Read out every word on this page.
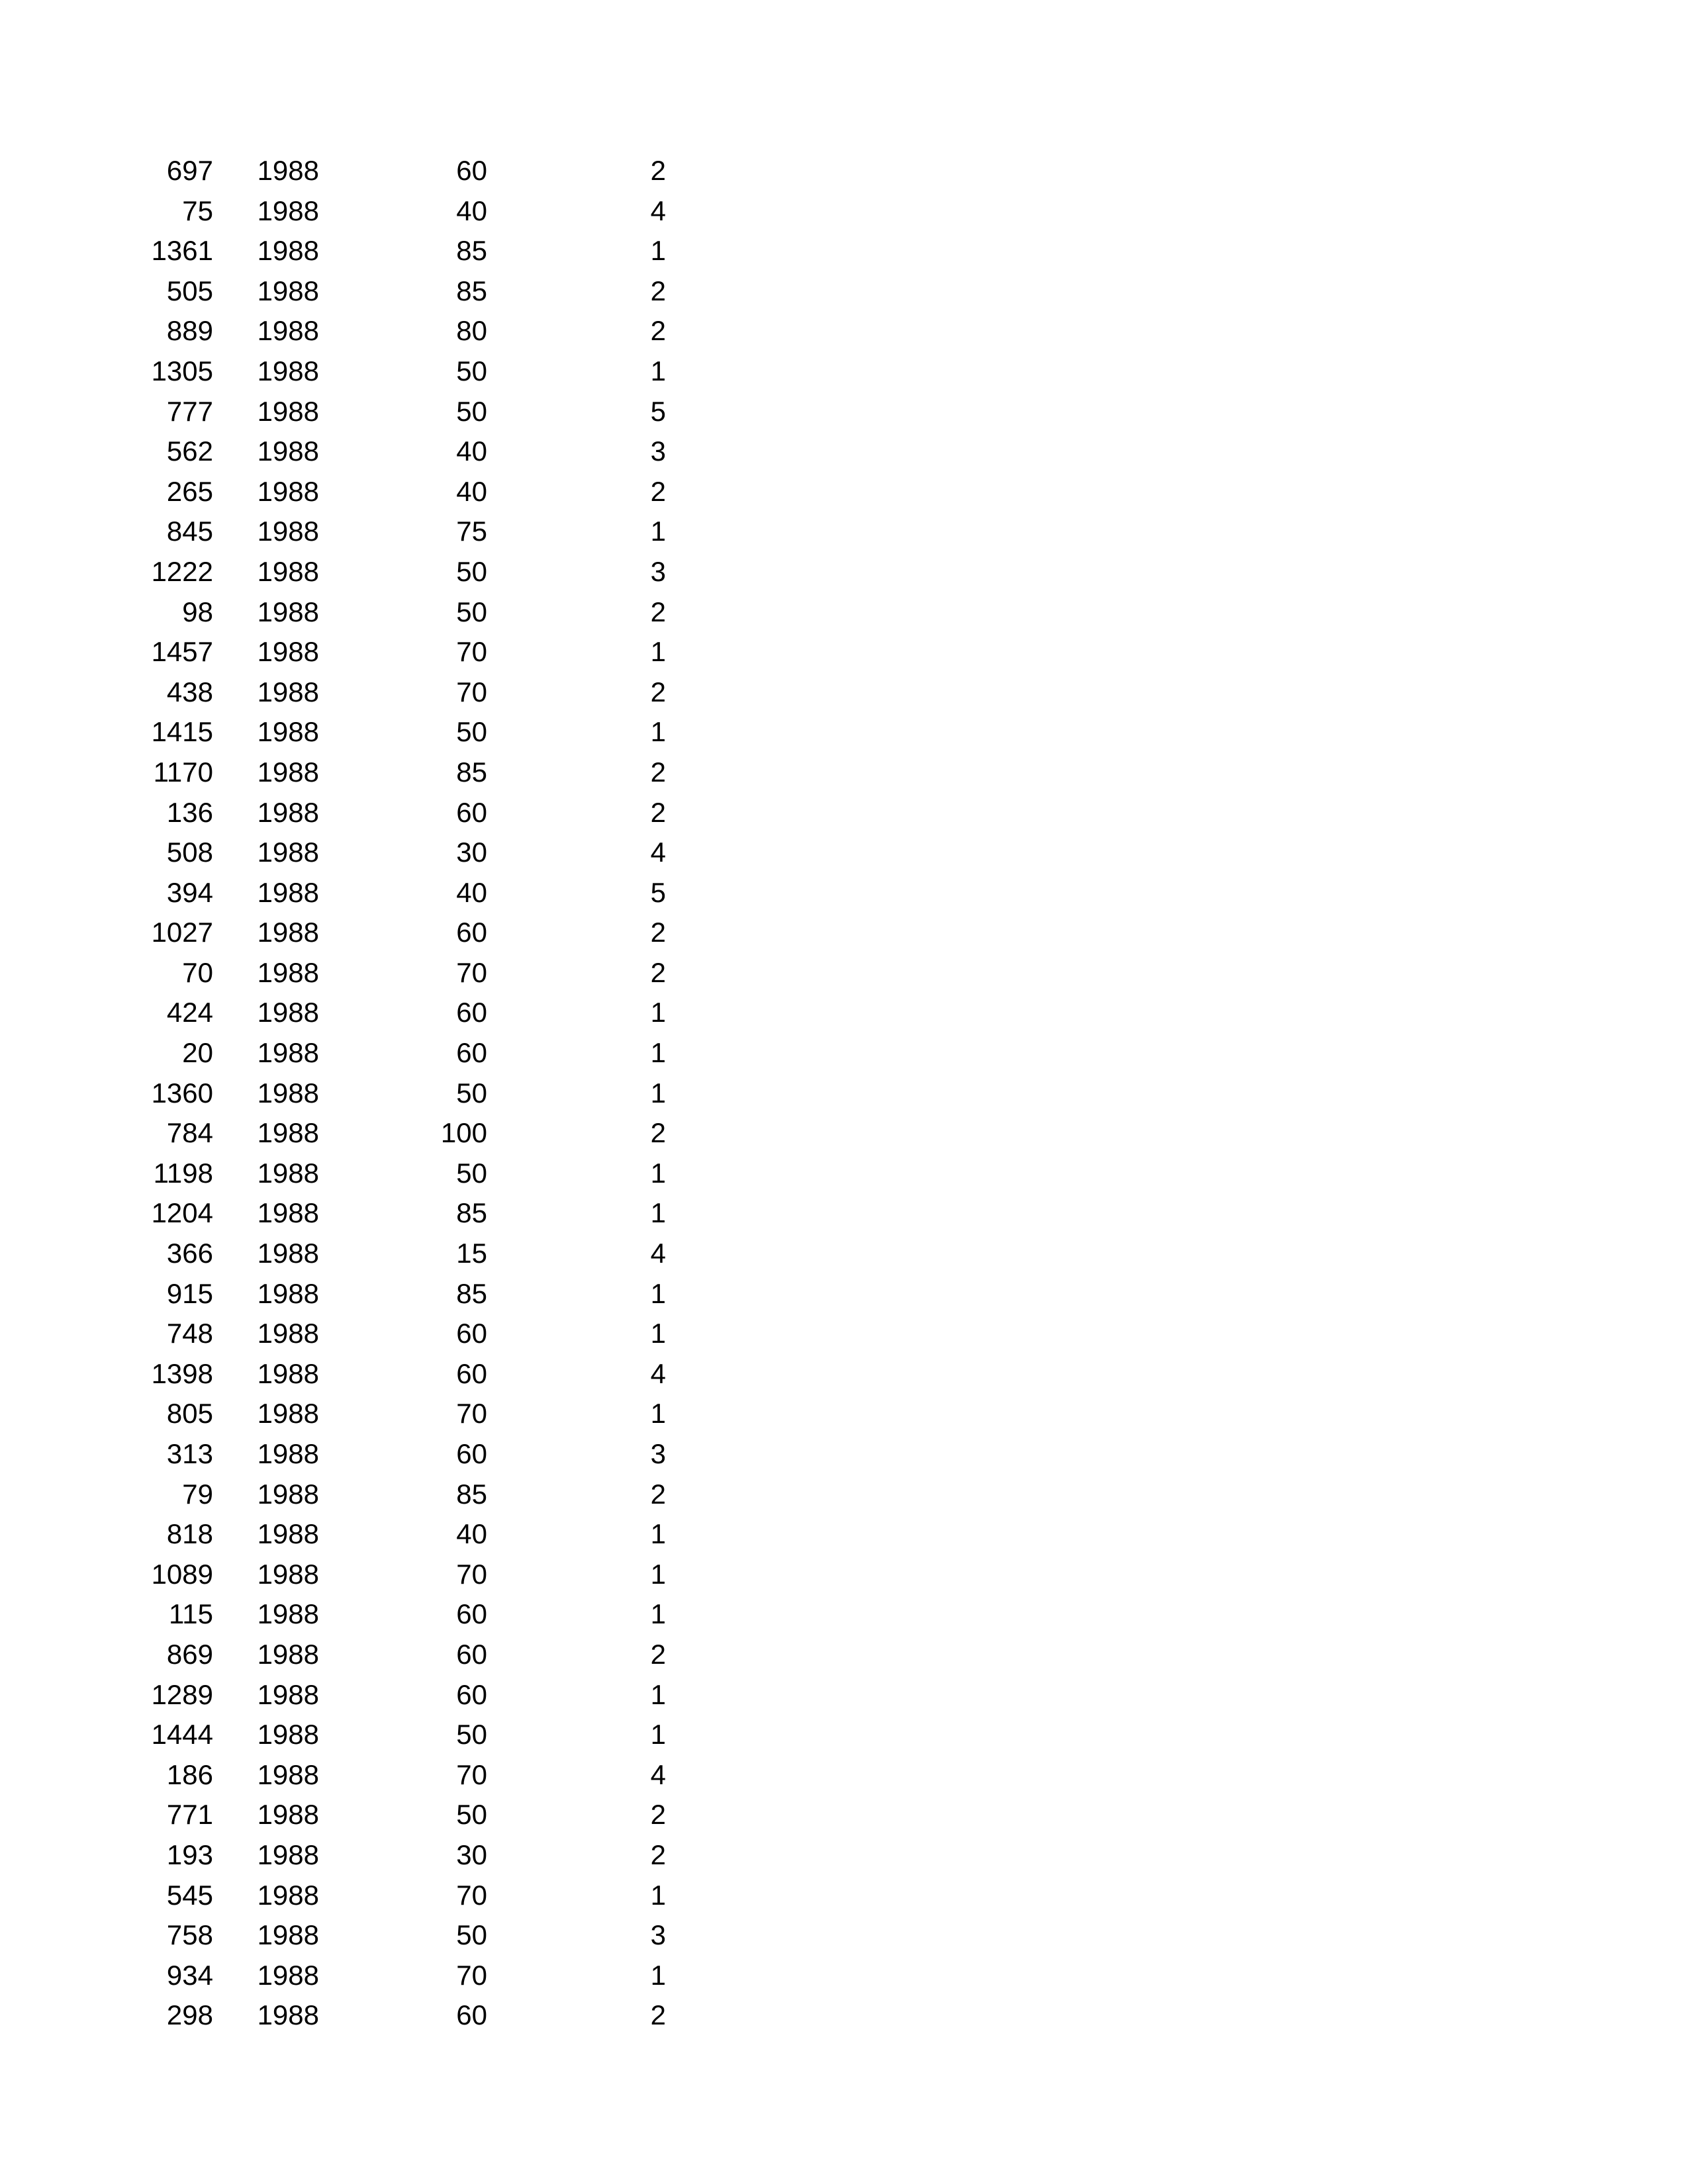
697	1988	60	2
75	1988	40	4
1361	1988	85	1
505	1988	85	2
889	1988	80	2
1305	1988	50	1
777	1988	50	5
562	1988	40	3
265	1988	40	2
845	1988	75	1
1222	1988	50	3
98	1988	50	2
1457	1988	70	1
438	1988	70	2
1415	1988	50	1
1170	1988	85	2
136	1988	60	2
508	1988	30	4
394	1988	40	5
1027	1988	60	2
70	1988	70	2
424	1988	60	1
20	1988	60	1
1360	1988	50	1
784	1988	100	2
1198	1988	50	1
1204	1988	85	1
366	1988	15	4
915	1988	85	1
748	1988	60	1
1398	1988	60	4
805	1988	70	1
313	1988	60	3
79	1988	85	2
818	1988	40	1
1089	1988	70	1
115	1988	60	1
869	1988	60	2
1289	1988	60	1
1444	1988	50	1
186	1988	70	4
771	1988	50	2
193	1988	30	2
545	1988	70	1
758	1988	50	3
934	1988	70	1
298	1988	60	2
